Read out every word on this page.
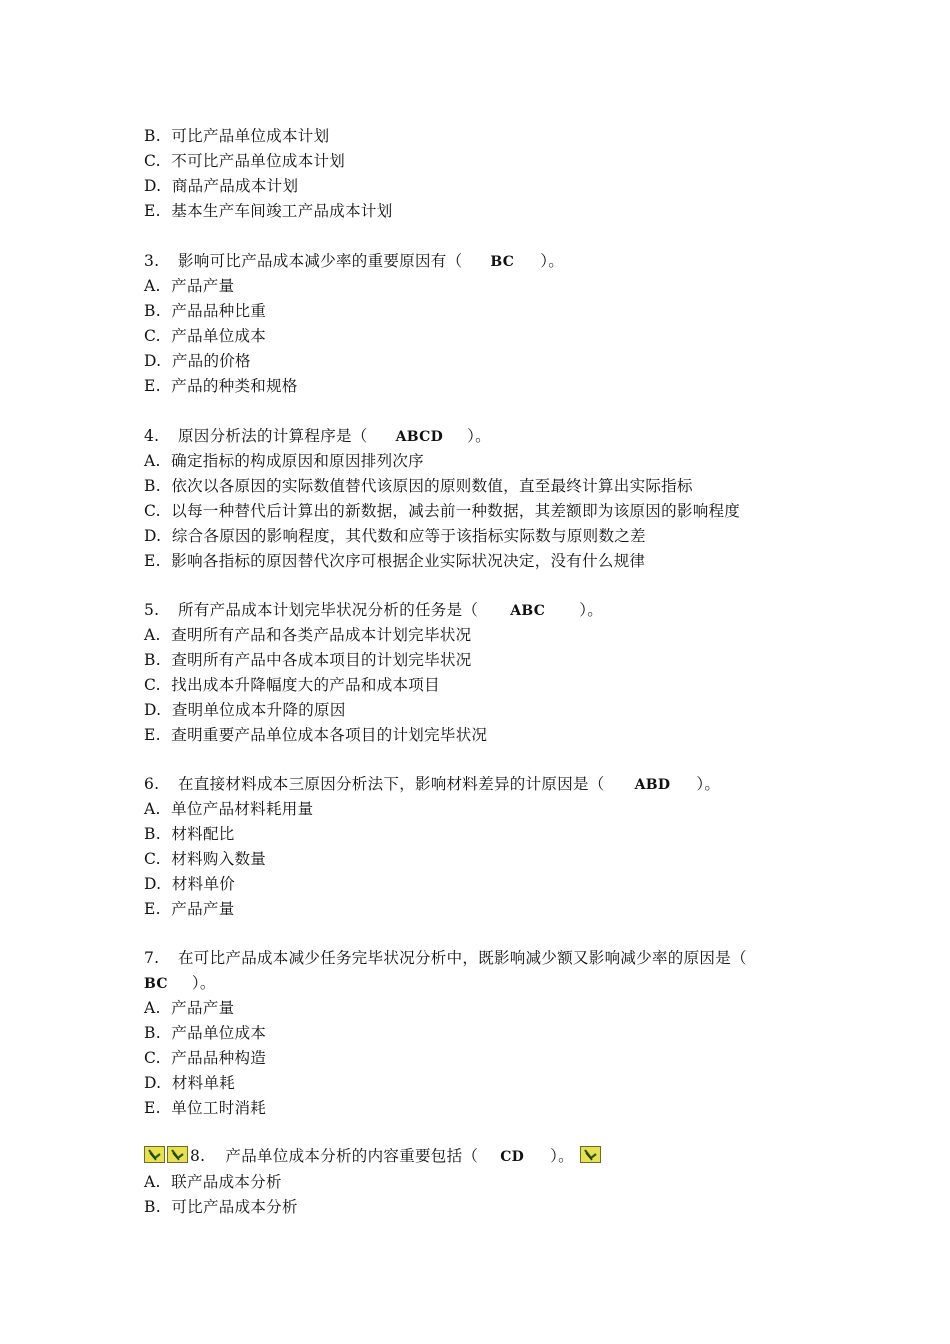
B.  可比产品单位成本计划
C.  不可比产品单位成本计划
D.  商品产品成本计划
E.  基本生产车间竣工产品成本计划
3. 影响可比产品成本减少率的重要原因有（ BC ）。
A.  产品产量
B.  产品品种比重
C.  产品单位成本
D.  产品的价格
E.  产品的种类和规格
4. 原因分析法的计算程序是（ ABCD ）。
A.  确定指标的构成原因和原因排列次序
B.  依次以各原因的实际数值替代该原因的原则数值，直至最终计算出实际指标
C.  以每一种替代后计算出的新数据，减去前一种数据，其差额即为该原因的影响程度
D.  综合各原因的影响程度，其代数和应等于该指标实际数与原则数之差
E.  影响各指标的原因替代次序可根据企业实际状况决定，没有什么规律
5. 所有产品成本计划完毕状况分析的任务是（ ABC ）。
A.  查明所有产品和各类产品成本计划完毕状况
B.  查明所有产品中各成本项目的计划完毕状况
C.  找出成本升降幅度大的产品和成本项目
D.  查明单位成本升降的原因
E.  查明重要产品单位成本各项目的计划完毕状况
6. 在直接材料成本三原因分析法下，影响材料差异的计原因是（ ABD ）。
A.  单位产品材料耗用量
B.  材料配比
C.  材料购入数量
D.  材料单价
E.  产品产量
7. 在可比产品成本减少任务完毕状况分析中，既影响减少额又影响减少率的原因是（
BC ）。
A.  产品产量
B.  产品单位成本
C.  产品品种构造
D.  材料单耗
E.  单位工时消耗
8. 产品单位成本分析的内容重要包括（ CD ）。
A.  联产品成本分析
B.  可比产品成本分析
